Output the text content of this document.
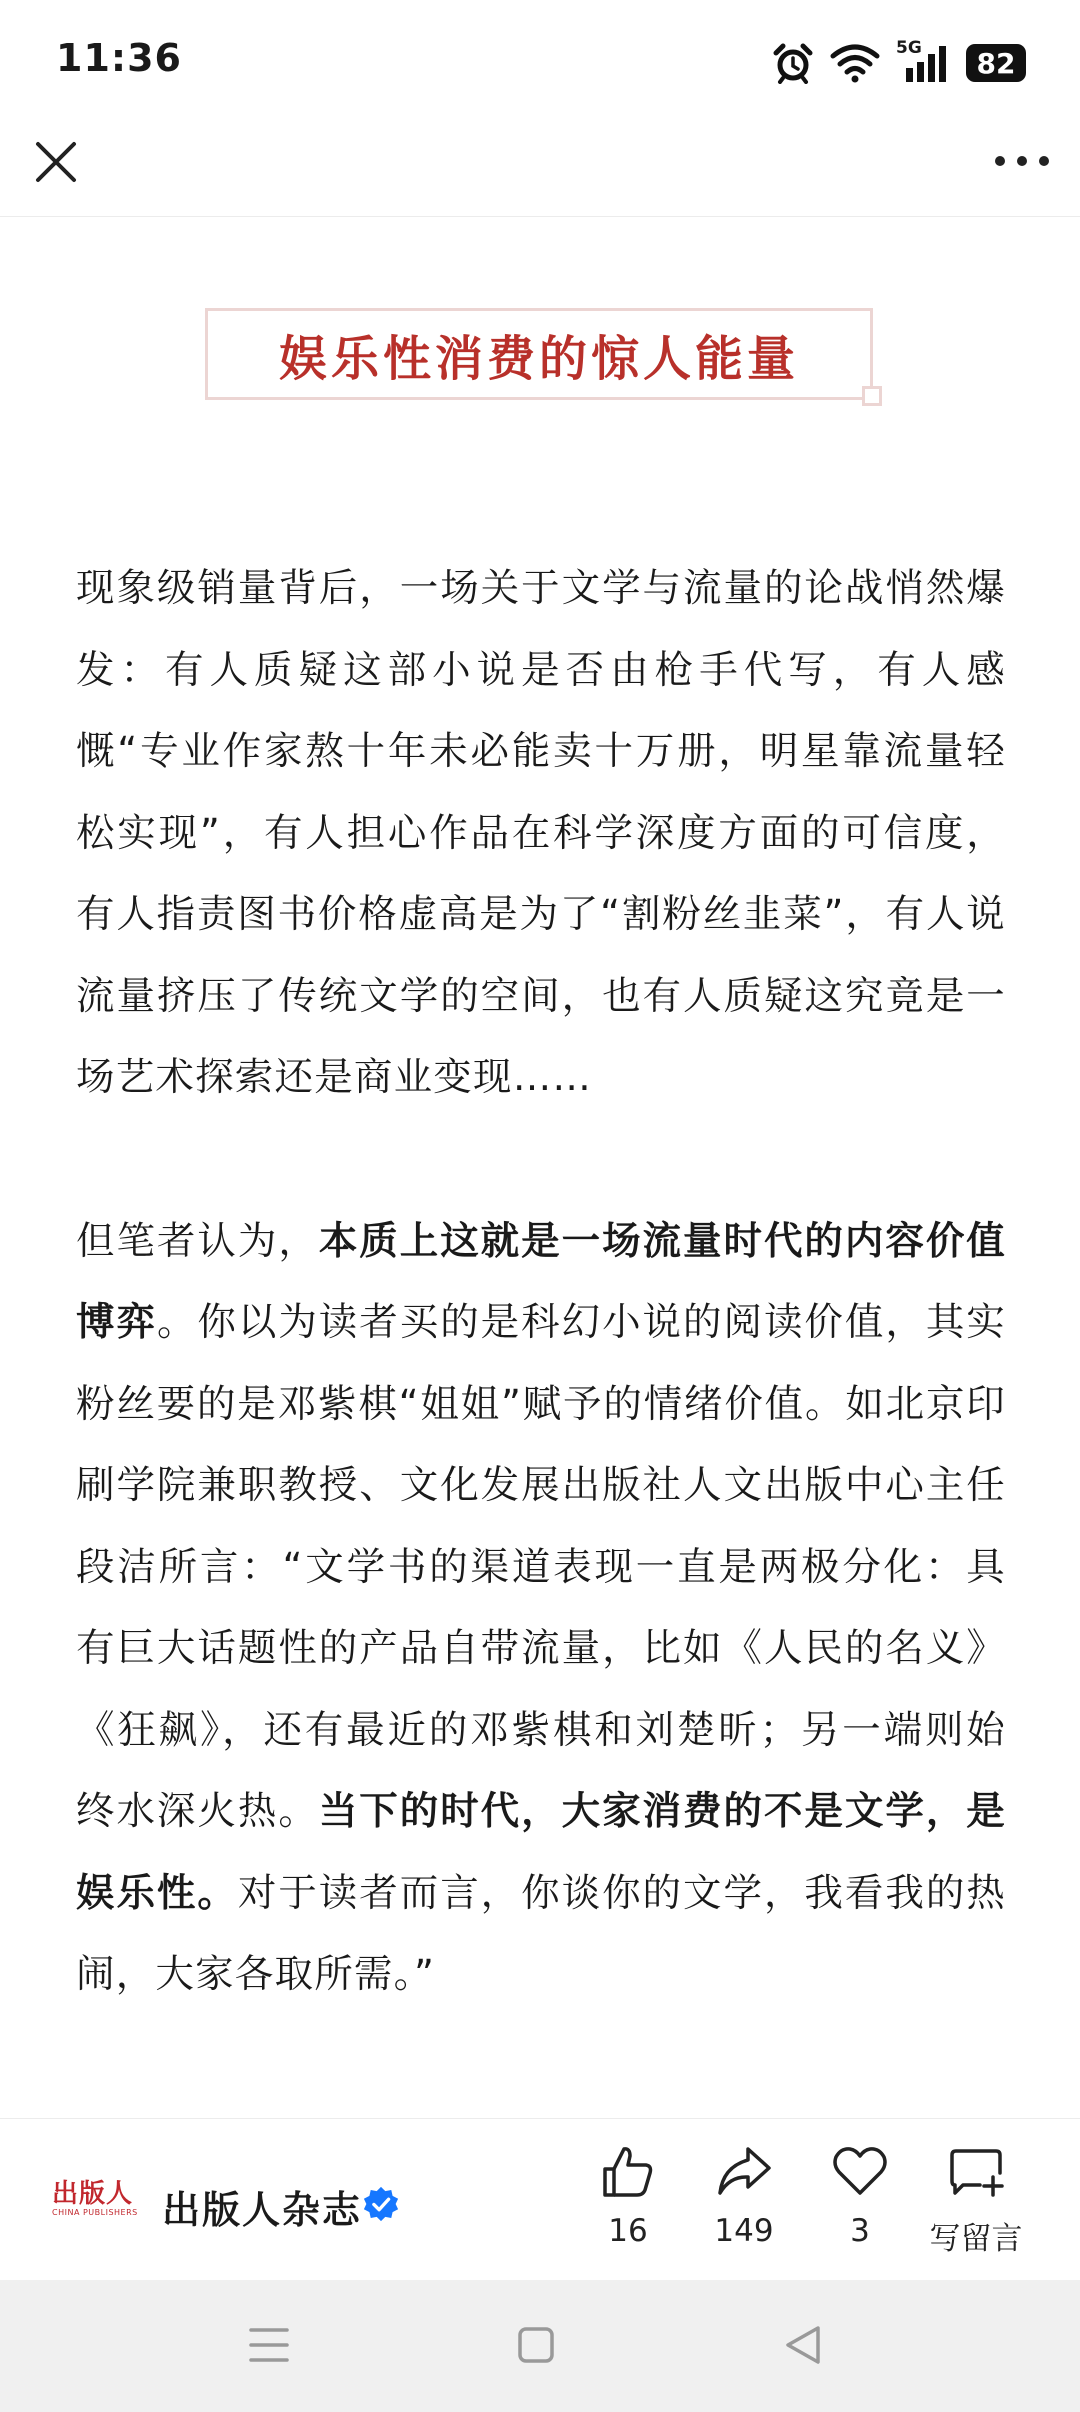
11:36	5G	82
娱乐性消费的惊人能量

现象级销量背后，一场关于文学与流量的论战悄然爆发：有人质疑这部小说是否由枪手代写，有人感慨“专业作家熬十年未必能卖十万册，明星靠流量轻松实现”，有人担心作品在科学深度方面的可信度，有人指责图书价格虚高是为了“割粉丝韭菜”，有人说流量挤压了传统文学的空间，也有人质疑这究竟是一场艺术探索还是商业变现……

但笔者认为，本质上这就是一场流量时代的内容价值博弈。你以为读者买的是科幻小说的阅读价值，其实粉丝要的是邓紫棋“姐姐”赋予的情绪价值。如北京印刷学院兼职教授、文化发展出版社人文出版中心主任段洁所言：“文学书的渠道表现一直是两极分化：具有巨大话题性的产品自带流量，比如《人民的名义》《狂飙》，还有最近的邓紫棋和刘楚昕；另一端则始终水深火热。当下的时代，大家消费的不是文学，是娱乐性。对于读者而言，你谈你的文学，我看我的热闹，大家各取所需。”

出版人
CHINA PUBLISHERS 出版人杂志	16 149 3 写留言
